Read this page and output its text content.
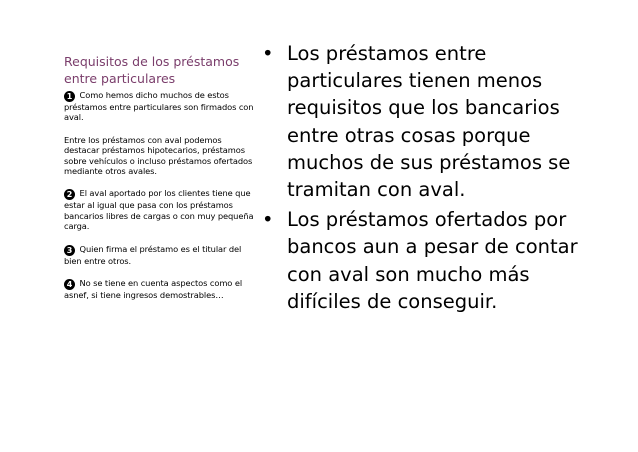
Requisitos de los préstamos entre particulares
1 Como hemos dicho muchos de estos préstamos entre particulares son firmados con aval.
Entre los préstamos con aval podemos destacar préstamos hipotecarios, préstamos sobre vehículos o incluso préstamos ofertados mediante otros avales.
2 El aval aportado por los clientes tiene que estar al igual que pasa con los préstamos bancarios libres de cargas o con muy pequeña carga.
3 Quien firma el préstamo es el titular del bien entre otros.
4 No se tiene en cuenta aspectos como el asnef, si tiene ingresos demostrables…
• Los préstamos entre particulares tienen menos requisitos que los bancarios entre otras cosas porque muchos de sus préstamos se tramitan con aval.
• Los préstamos ofertados por bancos aun a pesar de contar con aval son mucho más difíciles de conseguir.
